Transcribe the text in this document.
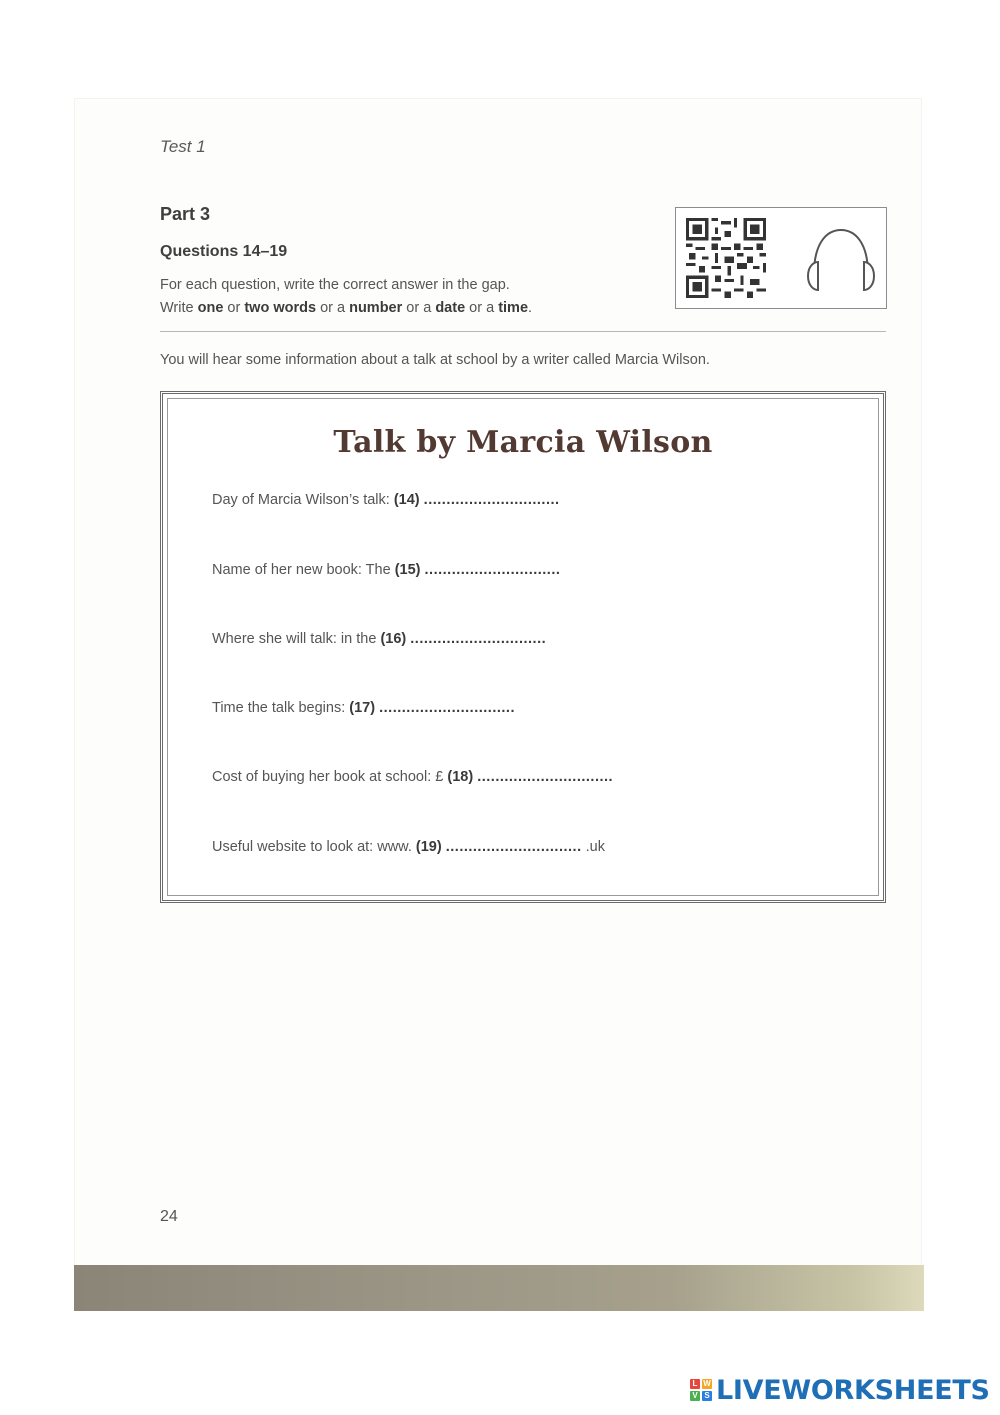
Test 1
Part 3
Questions 14–19
For each question, write the correct answer in the gap.
Write one or two words or a number or a date or a time.
You will hear some information about a talk at school by a writer called Marcia Wilson.
Talk by Marcia Wilson
Day of Marcia Wilson’s talk: (14) ..............................
Name of her new book: The (15) ..............................
Where she will talk: in the (16) ..............................
Time the talk begins: (17) ..............................
Cost of buying her book at school: £ (18) ..............................
Useful website to look at: www. (19) .............................. .uk
24
L W
V S LIVEWORKSHEETS
